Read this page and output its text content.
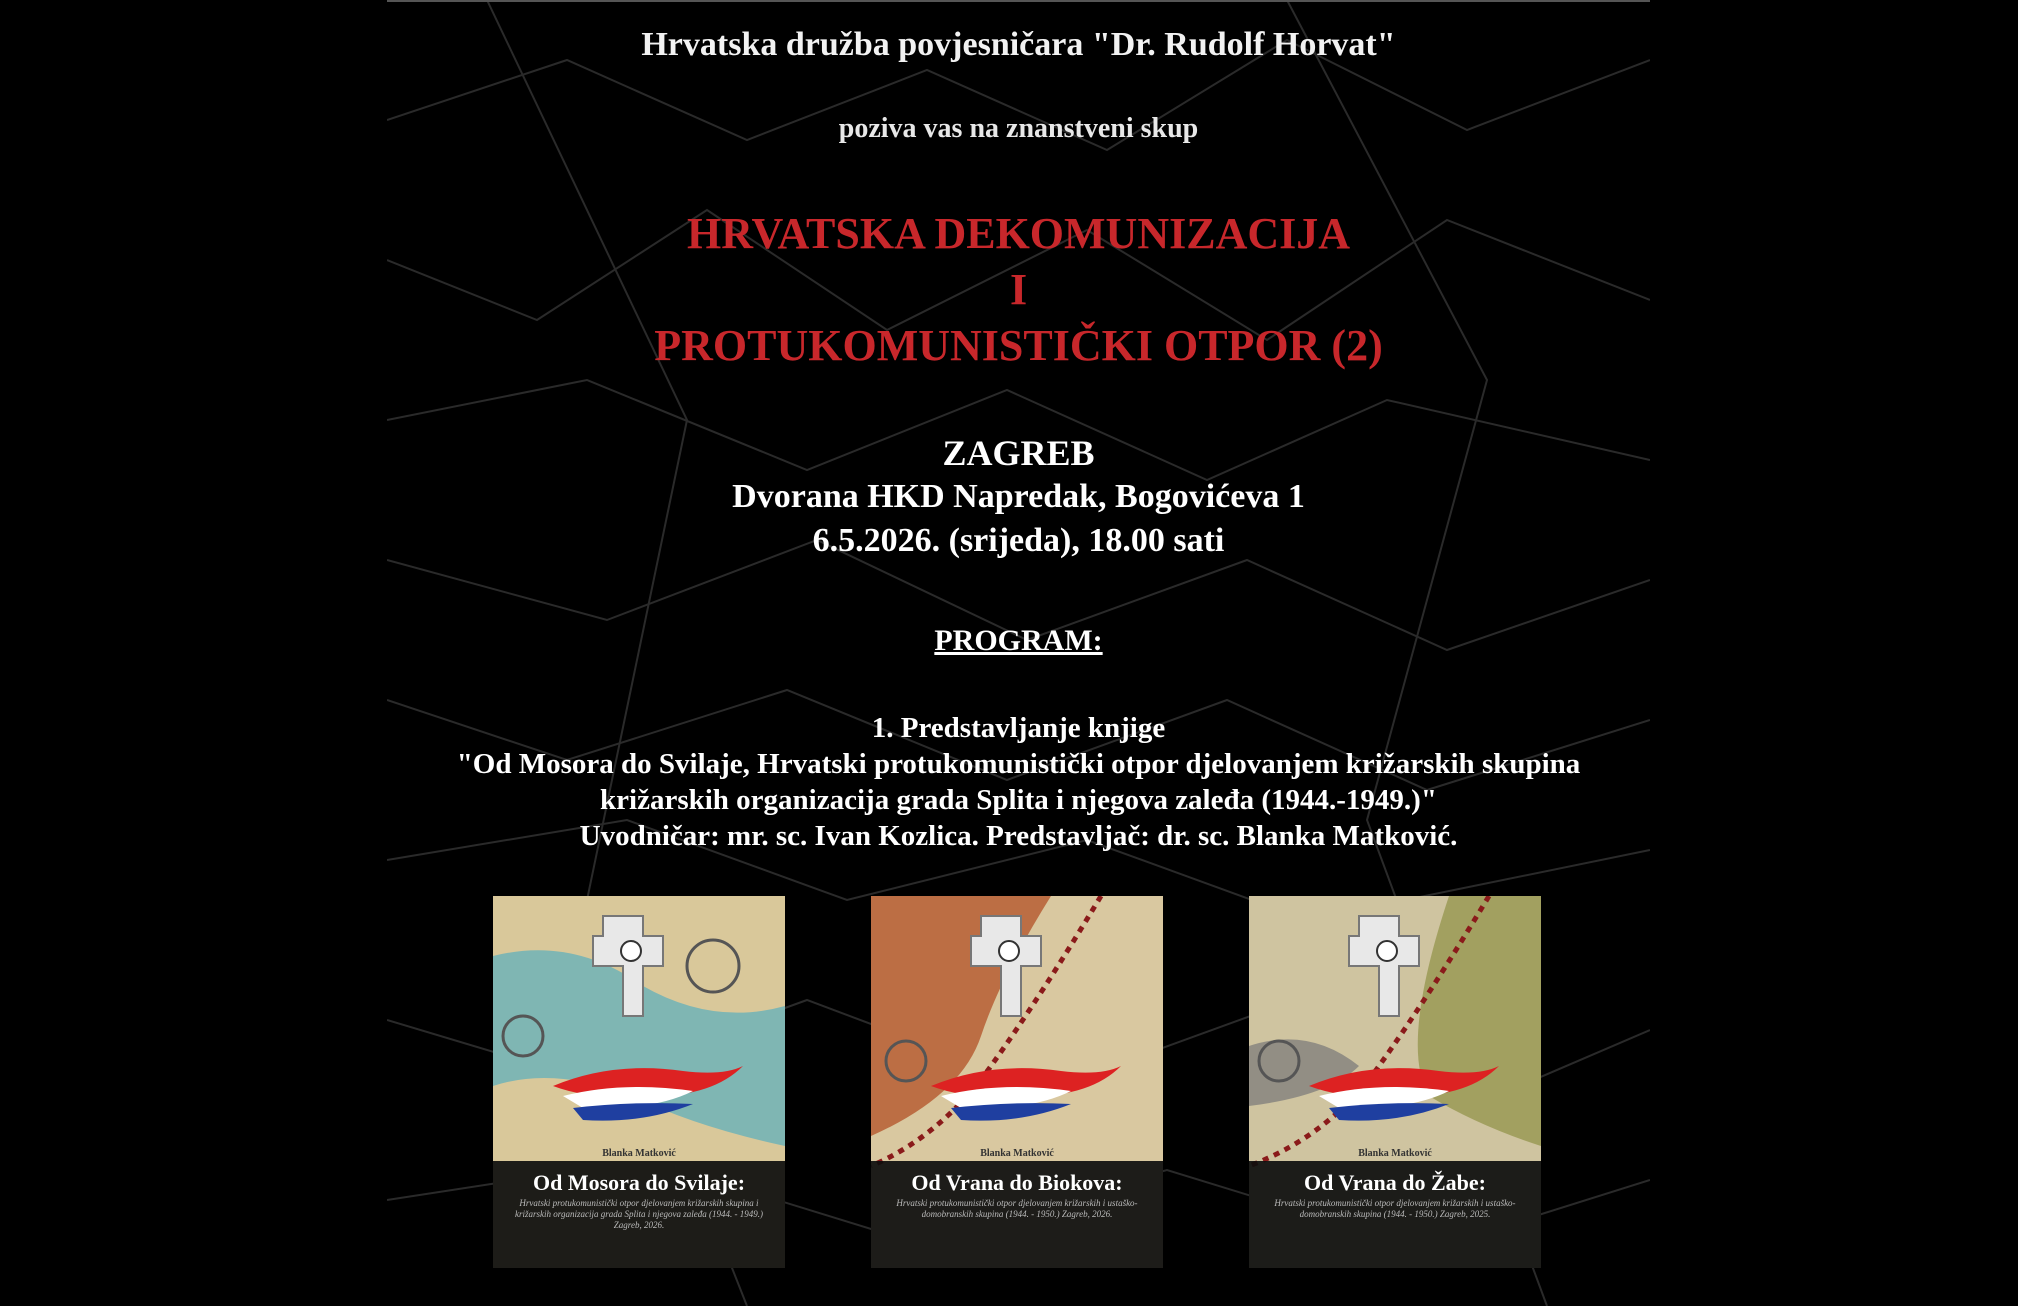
Hrvatska družba povjesničara "Dr. Rudolf Horvat"
poziva vas na znanstveni skup
HRVATSKA DEKOMUNIZACIJA
I
PROTUKOMUNISTIČKI OTPOR (2)
ZAGREB
Dvorana HKD Napredak, Bogovićeva 1
6.5.2026. (srijeda), 18.00 sati
PROGRAM:
1. Predstavljanje knjige
"Od Mosora do Svilaje, Hrvatski protukomunistički otpor djelovanjem križarskih skupina
križarskih organizacija grada Splita i njegova zaleđa (1944.-1949.)"
Uvodničar: mr. sc. Ivan Kozlica. Predstavljač: dr. sc. Blanka Matković.
Blanka Matković
Od Mosora do Svilaje:
Hrvatski protukomunistički otpor djelovanjem križarskih skupina i križarskih organizacija grada Splita i njegova zaleđa (1944. - 1949.) Zagreb, 2026.
Blanka Matković
Od Vrana do Biokova:
Hrvatski protukomunistički otpor djelovanjem križarskih i ustaško-domobranskih skupina (1944. - 1950.) Zagreb, 2026.
Blanka Matković
Od Vrana do Žabe:
Hrvatski protukomunistički otpor djelovanjem križarskih i ustaško-domobranskih skupina (1944. - 1950.) Zagreb, 2025.
